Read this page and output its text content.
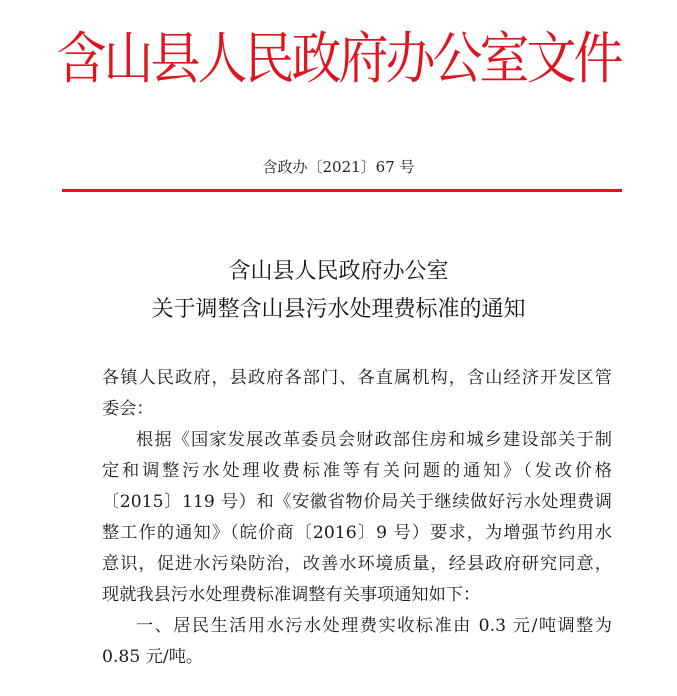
含山县人民政府办公室文件
含政办〔2021〕67 号
含山县人民政府办公室
关于调整含山县污水处理费标准的通知
各镇人民政府，县政府各部门、各直属机构，含山经济开发区管
委会：
根据《国家发展改革委员会财政部住房和城乡建设部关于制
定和调整污水处理收费标准等有关问题的通知》（发改价格
〔2015〕119 号）和《安徽省物价局关于继续做好污水处理费调
整工作的通知》（皖价商〔2016〕9 号）要求，为增强节约用水
意识，促进水污染防治，改善水环境质量，经县政府研究同意，
现就我县污水处理费标准调整有关事项通知如下：
一、居民生活用水污水处理费实收标准由 0.3 元/吨调整为
0.85 元/吨。
